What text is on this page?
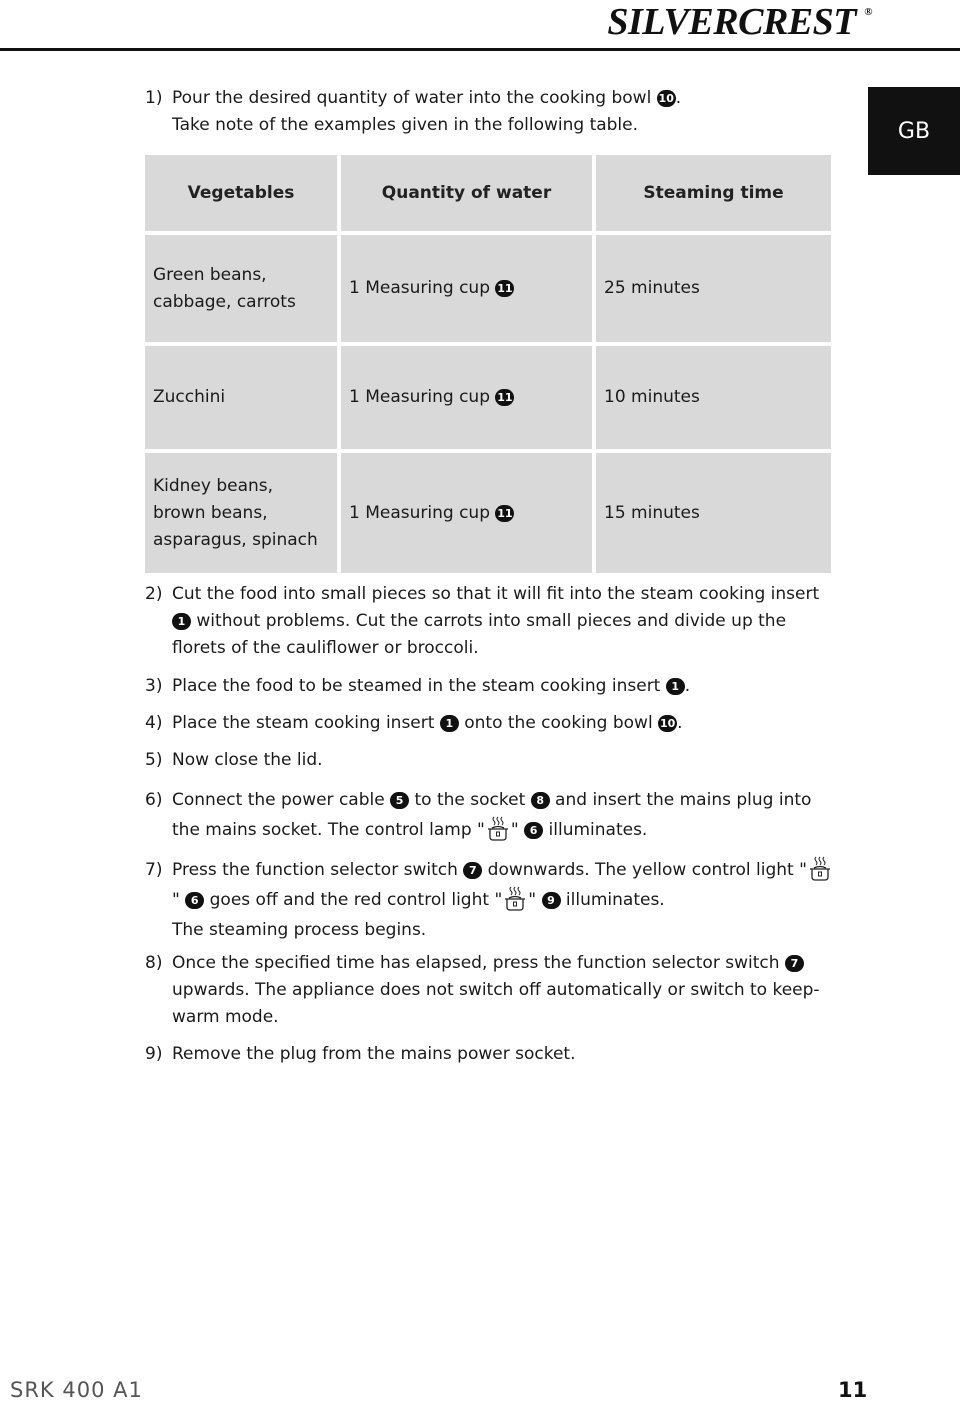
SILVERCREST ®
GB
1) Pour the desired quantity of water into the cooking bowl 10 .
Take note of the examples given in the following table.
Vegetables	Quantity of water	Steaming time
Green beans,
cabbage, carrots	1 Measuring cup 11	25 minutes
Zucchini	1 Measuring cup 11	10 minutes
Kidney beans,
brown beans,
asparagus, spinach	1 Measuring cup 11	15 minutes
2) Cut the food into small pieces so that it will fit into the steam cooking insert 1 without problems. Cut the carrots into small pieces and divide up the florets of the cauliflower or broccoli.
3) Place the food to be steamed in the steam cooking insert 1 .
4) Place the steam cooking insert 1 onto the cooking bowl 10 .
5) Now close the lid.
6) Connect the power cable 5 to the socket 8 and insert the mains plug into the mains socket. The control lamp " " 6 illuminates.
7) Press the function selector switch 7 downwards. The yellow control light "" 6 goes off and the red control light " " 9 illuminates.
The steaming process begins.
8) Once the specified time has elapsed, press the function selector switch 7 upwards. The appliance does not switch off automatically or switch to keep-warm mode.
9) Remove the plug from the mains power socket.
SRK 400 A1	11
